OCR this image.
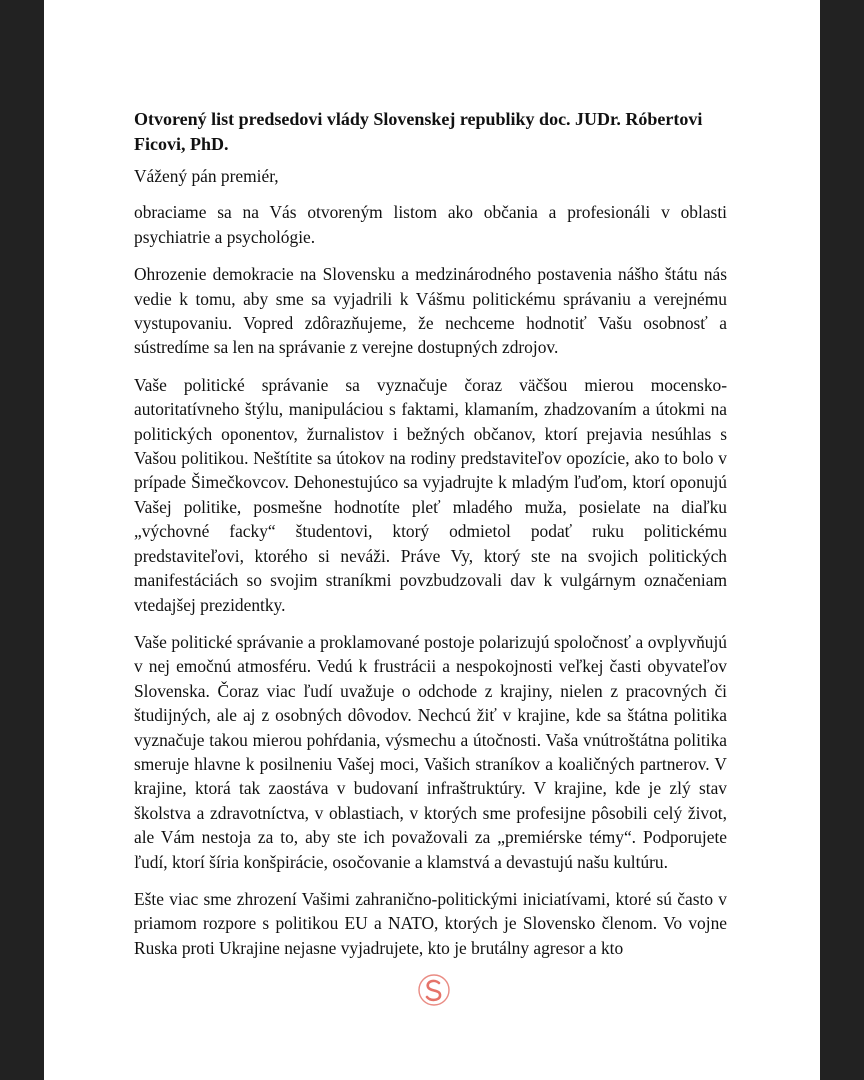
Otvorený list predsedovi vlády Slovenskej republiky doc. JUDr. Róbertovi Ficovi, PhD.
Vážený pán premiér,

obraciame sa na Vás otvoreným listom ako občania a profesionáli v oblasti psychiatrie a psychológie.

Ohrozenie demokracie na Slovensku a medzinárodného postavenia nášho štátu nás vedie k tomu, aby sme sa vyjadrili k Vášmu politickému správaniu a verejnému vystupovaniu. Vopred zdôrazňujeme, že nechceme hodnotiť Vašu osobnosť a sústredíme sa len na správanie z verejne dostupných zdrojov.

Vaše politické správanie sa vyznačuje čoraz väčšou mierou mocensko-autoritatívneho štýlu, manipuláciou s faktami, klamaním, zhadzovaním a útokmi na politických oponentov, žurnalistov i bežných občanov, ktorí prejavia nesúhlas s Vašou politikou. Neštítite sa útokov na rodiny predstaviteľov opozície, ako to bolo v prípade Šimečkovcov. Dehonestujúco sa vyjadrujte k mladým ľuďom, ktorí oponujú Vašej politike, posmešne hodnotíte pleť mladého muža, posielate na diaľku „výchovné facky“ študentovi, ktorý odmietol podať ruku politickému predstaviteľovi, ktorého si neváži. Práve Vy, ktorý ste na svojich politických manifestáciách so svojim straníkmi povzbudzovali dav k vulgárnym označeniam vtedajšej prezidentky.

Vaše politické správanie a proklamované postoje polarizujú spoločnosť a ovplyvňujú v nej emočnú atmosféru. Vedú k frustrácii a nespokojnosti veľkej časti obyvateľov Slovenska. Čoraz viac ľudí uvažuje o odchode z krajiny, nielen z pracovných či študijných, ale aj z osobných dôvodov. Nechcú žiť v krajine, kde sa štátna politika vyznačuje takou mierou pohŕdania, výsmechu a útočnosti. Vaša vnútroštátna politika smeruje hlavne k posilneniu Vašej moci, Vašich straníkov a koaličných partnerov. V krajine, ktorá tak zaostáva v budovaní infraštruktúry. V krajine, kde je zlý stav školstva a zdravotníctva, v oblastiach, v ktorých sme profesijne pôsobili celý život, ale Vám nestoja za to, aby ste ich považovali za „premiérske témy“. Podporujete ľudí, ktorí šíria konšpirácie, osočovanie a klamstvá a devastujú našu kultúru.

Ešte viac sme zhrození Vašimi zahranično-politickými iniciatívami, ktoré sú často v priamom rozpore s politikou EU a NATO, ktorých je Slovensko členom. Vo vojne Ruska proti Ukrajine nejasne vyjadrujete, kto je brutálny agresor a kto
